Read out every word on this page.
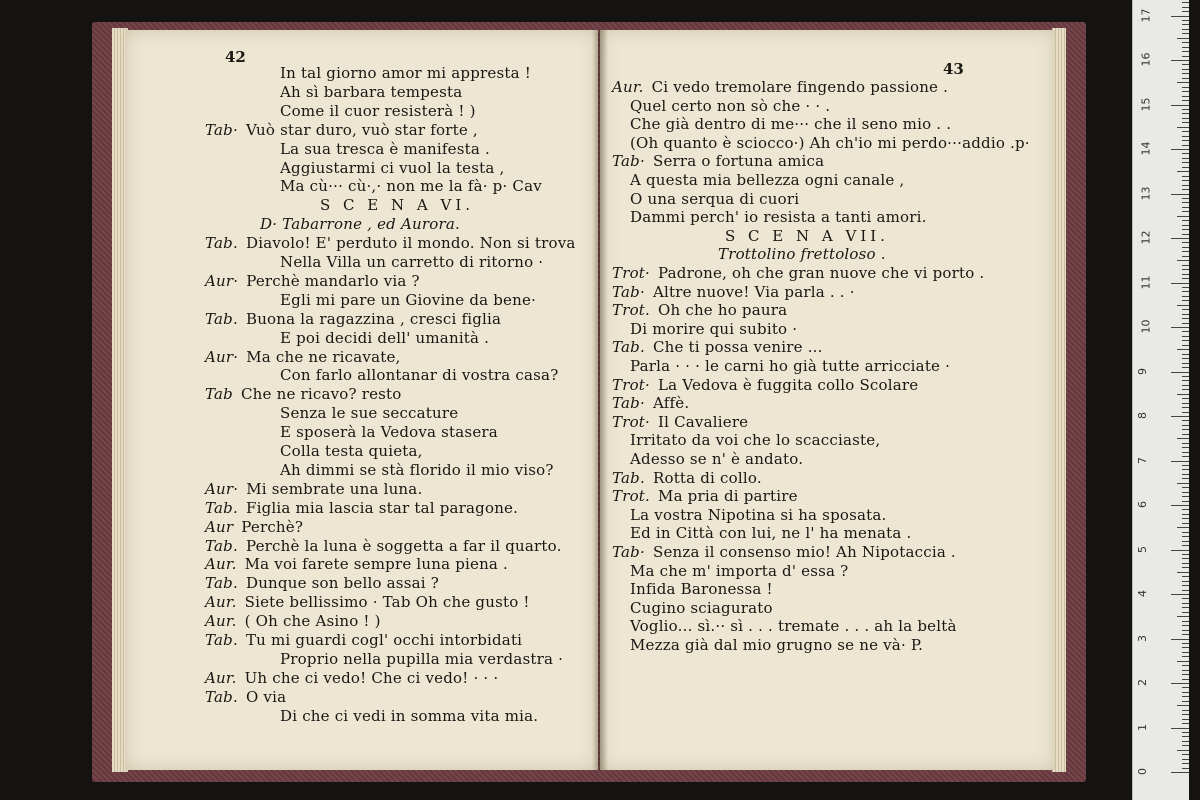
42
In tal giorno amor mi appresta !
Ah sì barbara tempesta
Come il cuor resisterà ! )
Tab· Vuò star duro, vuò star forte ,
La sua tresca è manifesta .
Aggiustarmi ci vuol la testa ,
Ma cù··· cù·,· non me la fà· p· Cav
S C E N A VI.
D· Tabarrone , ed Aurora.
Tab. Diavolo! E' perduto il mondo. Non si trova
Nella Villa un carretto di ritorno ·
Aur· Perchè mandarlo via ?
Egli mi pare un Giovine da bene·
Tab. Buona la ragazzina , cresci figlia
E poi decidi dell' umanità .
Aur· Ma che ne ricavate,
Con farlo allontanar di vostra casa?
Tab Che ne ricavo? resto
Senza le sue seccature
E sposerà la Vedova stasera
Colla testa quieta,
Ah dimmi se stà florido il mio viso?
Aur· Mi sembrate una luna.
Tab. Figlia mia lascia star tal paragone.
Aur Perchè?
Tab. Perchè la luna è soggetta a far il quarto.
Aur. Ma voi farete sempre luna piena .
Tab. Dunque son bello assai ?
Aur. Siete bellissimo · Tab Oh che gusto !
Aur. ( Oh che Asino ! )
Tab. Tu mi guardi cogl' occhi intorbidati
Proprio nella pupilla mia verdastra ·
Aur. Uh che ci vedo! Che ci vedo! · · ·
Tab. O via
Di che ci vedi in somma vita mia.
43
Aur. Ci vedo tremolare fingendo passione .
Quel certo non sò che · · .
Che già dentro di me··· che il seno mio . .
(Oh quanto è sciocco·) Ah ch'io mi perdo···addio .p·
Tab· Serra o fortuna amica
A questa mia bellezza ogni canale ,
O una serqua di cuori
Dammi perch' io resista a tanti amori.
S C E N A VII.
Trottolino frettoloso .
Trot· Padrone, oh che gran nuove che vi porto .
Tab· Altre nuove! Via parla . . ·
Trot. Oh che ho paura
Di morire qui subito ·
Tab. Che ti possa venire ...
Parla · · · le carni ho già tutte arricciate ·
Trot· La Vedova è fuggita collo Scolare
Tab· Affè.
Trot· Il Cavaliere
Irritato da voi che lo scacciaste,
Adesso se n' è andato.
Tab. Rotta di collo.
Trot. Ma pria di partire
La vostra Nipotina si ha sposata.
Ed in Città con lui, ne l' ha menata .
Tab· Senza il consenso mio! Ah Nipotaccia .
Ma che m' importa d' essa ?
Infida Baronessa !
Cugino sciagurato
Voglio... sì.·· sì . . . tremate . . . ah la beltà
Mezza già dal mio grugno se ne và· P.
0
1
2
3
4
5
6
7
8
9
10
11
12
13
14
15
16
17
